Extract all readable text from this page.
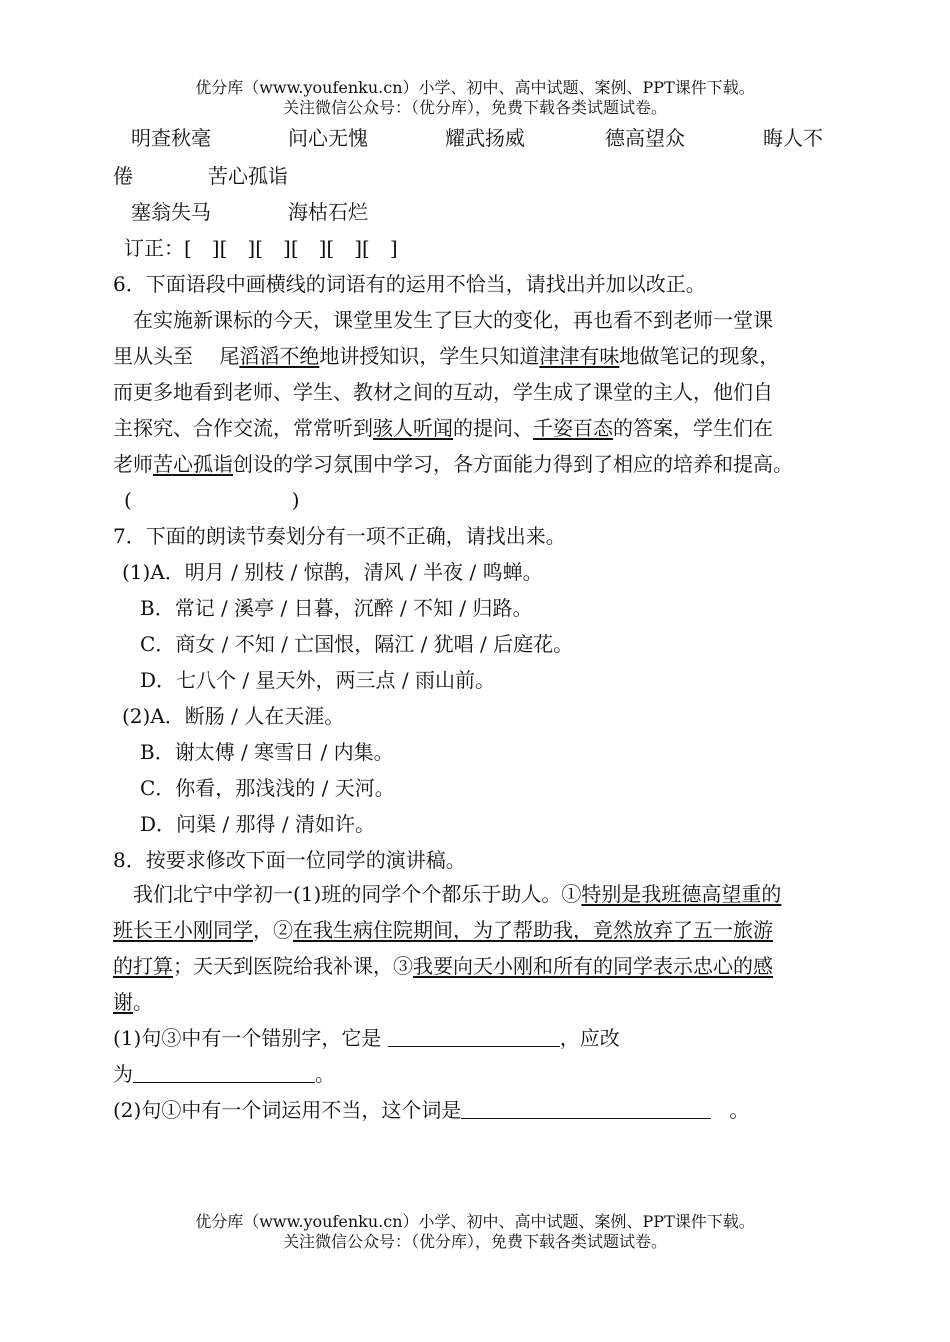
优分库（www.youfenku.cn）小学、初中、高中试题、案例、PPT课件下载。
关注微信公众号：（优分库），免费下载各类试题试卷。
明查秋毫	问心无愧	耀武扬威	德高望众	晦人不
倦	苦心孤诣
塞翁失马	海枯石烂
订正：[　][　][　][　][　][　]
6．下面语段中画横线的词语有的运用不恰当，请找出并加以改正。
在实施新课标的今天，课堂里发生了巨大的变化，再也看不到老师一堂课
里从头至　 尾滔滔不绝地讲授知识，学生只知道津津有味地做笔记的现象，
而更多地看到老师、学生、教材之间的互动，学生成了课堂的主人，他们自
主探究、合作交流，常常听到骇人听闻的提问、千姿百态的答案，学生们在
老师苦心孤诣创设的学习氛围中学习，各方面能力得到了相应的培养和提高。
(　　　　　　　　)
7．下面的朗读节奏划分有一项不正确，请找出来。
(1)A．明月 / 别枝 / 惊鹊，清风 / 半夜 / 鸣蝉。
B．常记 / 溪亭 / 日暮，沉醉 / 不知 / 归路。
C．商女 / 不知 / 亡国恨，隔江 / 犹唱 / 后庭花。
D．七八个 / 星天外，两三点 / 雨山前。
(2)A．断肠 / 人在天涯。
B．谢太傅 / 寒雪日 / 内集。
C．你看，那浅浅的 / 天河。
D．问渠 / 那得 / 清如许。
8．按要求修改下面一位同学的演讲稿。
我们北宁中学初一(1)班的同学个个都乐于助人。①特别是我班德高望重的
班长王小刚同学，②在我生病住院期间，为了帮助我，竟然放弃了五一旅游
的打算；天天到医院给我补课，③我要向天小刚和所有的同学表示忠心的感
谢。
(1)句③中有一个错别字，它是	，应改
为	。
(2)句①中有一个词运用不当，这个词是	。
优分库（www.youfenku.cn）小学、初中、高中试题、案例、PPT课件下载。
关注微信公众号：（优分库），免费下载各类试题试卷。
